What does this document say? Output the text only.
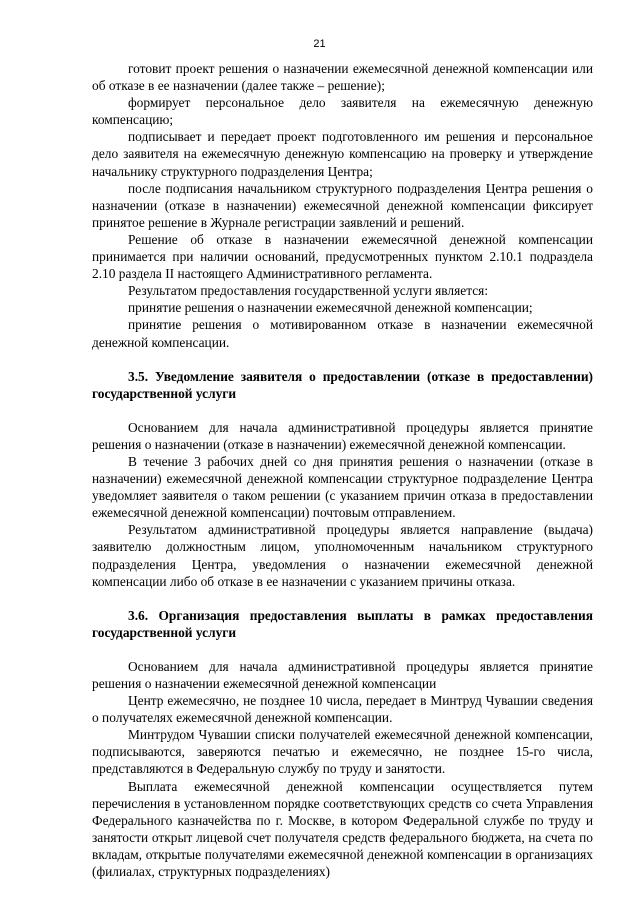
21

готовит проект решения о назначении ежемесячной денежной компенсации или об отказе в ее назначении (далее также – решение);

формирует персональное дело заявителя на ежемесячную денежную компенсацию;

подписывает и передает проект подготовленного им решения и персональное дело заявителя на ежемесячную денежную компенсацию на проверку и утверждение начальнику структурного подразделения Центра;

после подписания начальником структурного подразделения Центра решения о назначении (отказе в назначении) ежемесячной денежной компенсации фиксирует принятое решение в Журнале регистрации заявлений и решений.

Решение об отказе в назначении ежемесячной денежной компенсации принимается при наличии оснований, предусмотренных пунктом 2.10.1 подраздела 2.10 раздела II настоящего Административного регламента.

Результатом предоставления государственной услуги является:

принятие решения о назначении ежемесячной денежной компенсации;

принятие решения о мотивированном отказе в назначении ежемесячной денежной компенсации.

3.5. Уведомление заявителя о предоставлении (отказе в предоставлении) государственной услуги

Основанием для начала административной процедуры является принятие решения о назначении (отказе в назначении) ежемесячной денежной компенсации.

В течение 3 рабочих дней со дня принятия решения о назначении (отказе в назначении) ежемесячной денежной компенсации структурное подразделение Центра уведомляет заявителя о таком решении (с указанием причин отказа в предоставлении ежемесячной денежной компенсации) почтовым отправлением.

Результатом административной процедуры является направление (выдача) заявителю должностным лицом, уполномоченным начальником структурного подразделения Центра, уведомления о назначении ежемесячной денежной компенсации либо об отказе в ее назначении с указанием причины отказа.

3.6. Организация предоставления выплаты в рамках предоставления государственной услуги

Основанием для начала административной процедуры является принятие решения о назначении ежемесячной денежной компенсации

Центр ежемесячно, не позднее 10 числа, передает в Минтруд Чувашии сведения о получателях ежемесячной денежной компенсации.

Минтрудом Чувашии списки получателей ежемесячной денежной компенсации, подписываются, заверяются печатью и ежемесячно, не позднее 15-го числа, представляются в Федеральную службу по труду и занятости.

Выплата ежемесячной денежной компенсации осуществляется путем перечисления в установленном порядке соответствующих средств со счета Управления Федерального казначейства по г. Москве, в котором Федеральной службе по труду и занятости открыт лицевой счет получателя средств федерального бюджета, на счета по вкладам, открытые получателями ежемесячной денежной компенсации в организациях (филиалах, структурных подразделениях)
